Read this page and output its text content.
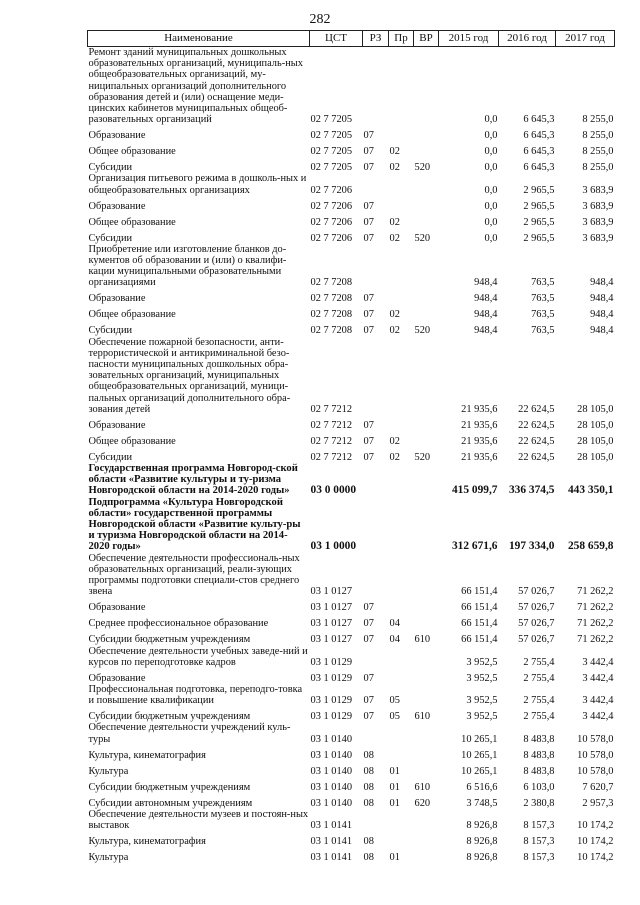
282
Наименование	ЦСТ	РЗ	Пр	ВР	2015 год	2016 год	2017 год
Ремонт зданий муниципальных дошкольных образовательных организаций, муниципаль-ных общеобразовательных организаций, му-ниципальных организаций дополнительного образования детей и (или) оснащение меди-цинских кабинетов муниципальных общеоб-разовательных организаций	02 7 7205				0,0	6 645,3	8 255,0
Образование	02 7 7205	07			0,0	6 645,3	8 255,0
Общее образование	02 7 7205	07	02		0,0	6 645,3	8 255,0
Субсидии	02 7 7205	07	02	520	0,0	6 645,3	8 255,0
Организация питьевого режима в дошколь-ных и общеобразовательных организациях	02 7 7206				0,0	2 965,5	3 683,9
Образование	02 7 7206	07			0,0	2 965,5	3 683,9
Общее образование	02 7 7206	07	02		0,0	2 965,5	3 683,9
Субсидии	02 7 7206	07	02	520	0,0	2 965,5	3 683,9
Приобретение или изготовление бланков до-кументов об образовании и (или) о квалифи-кации муниципальными образовательными организациями	02 7 7208				948,4	763,5	948,4
Образование	02 7 7208	07			948,4	763,5	948,4
Общее образование	02 7 7208	07	02		948,4	763,5	948,4
Субсидии	02 7 7208	07	02	520	948,4	763,5	948,4
Обеспечение пожарной безопасности, анти-террористической и антикриминальной безо-пасности муниципальных дошкольных обра-зовательных организаций, муниципальных общеобразовательных организаций, муници-пальных организаций дополнительного обра-зования детей	02 7 7212				21 935,6	22 624,5	28 105,0
Образование	02 7 7212	07			21 935,6	22 624,5	28 105,0
Общее образование	02 7 7212	07	02		21 935,6	22 624,5	28 105,0
Субсидии	02 7 7212	07	02	520	21 935,6	22 624,5	28 105,0
Государственная программа Новгород-ской области «Развитие культуры и ту-ризма Новгородской области на 2014-2020 годы»	03 0 0000				415 099,7	336 374,5	443 350,1
Подпрограмма «Культура Новгородской области» государственной программы Новгородской области «Развитие культу-ры и туризма Новгородской области на 2014-2020 годы»	03 1 0000				312 671,6	197 334,0	258 659,8
Обеспечение деятельности профессиональ-ных образовательных организаций, реали-зующих программы подготовки специали-стов среднего звена	03 1 0127				66 151,4	57 026,7	71 262,2
Образование	03 1 0127	07			66 151,4	57 026,7	71 262,2
Среднее профессиональное образование	03 1 0127	07	04		66 151,4	57 026,7	71 262,2
Субсидии бюджетным учреждениям	03 1 0127	07	04	610	66 151,4	57 026,7	71 262,2
Обеспечение деятельности учебных заведе-ний и курсов по переподготовке кадров	03 1 0129				3 952,5	2 755,4	3 442,4
Образование	03 1 0129	07			3 952,5	2 755,4	3 442,4
Профессиональная подготовка, переподго-товка и повышение квалификации	03 1 0129	07	05		3 952,5	2 755,4	3 442,4
Субсидии бюджетным учреждениям	03 1 0129	07	05	610	3 952,5	2 755,4	3 442,4
Обеспечение деятельности учреждений куль-туры	03 1 0140				10 265,1	8 483,8	10 578,0
Культура, кинематография	03 1 0140	08			10 265,1	8 483,8	10 578,0
Культура	03 1 0140	08	01		10 265,1	8 483,8	10 578,0
Субсидии бюджетным учреждениям	03 1 0140	08	01	610	6 516,6	6 103,0	7 620,7
Субсидии автономным учреждениям	03 1 0140	08	01	620	3 748,5	2 380,8	2 957,3
Обеспечение деятельности музеев и постоян-ных выставок	03 1 0141				8 926,8	8 157,3	10 174,2
Культура, кинематография	03 1 0141	08			8 926,8	8 157,3	10 174,2
Культура	03 1 0141	08	01		8 926,8	8 157,3	10 174,2
